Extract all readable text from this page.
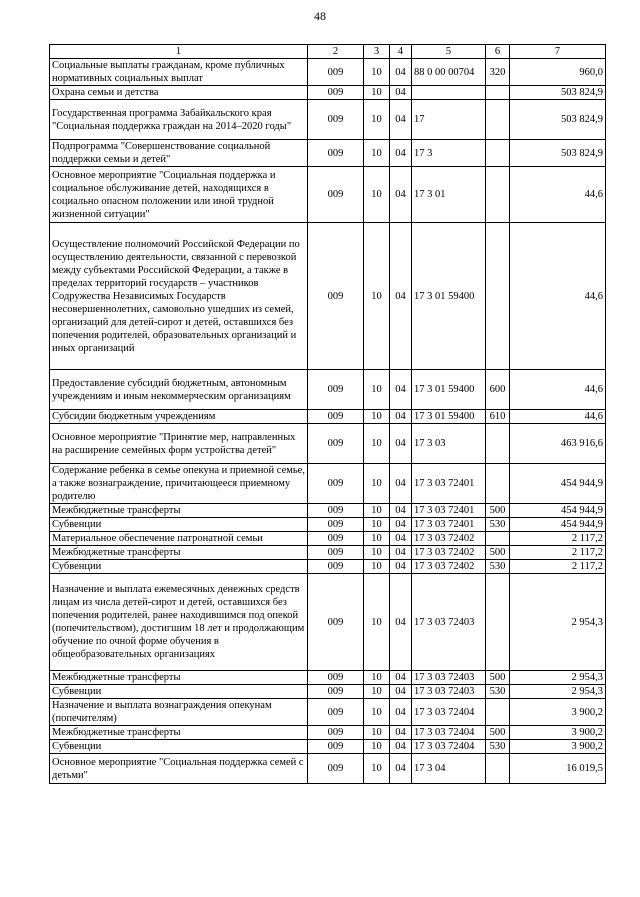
48
1	2	3	4	5	6	7
Социальные выплаты гражданам, кроме публичных нормативных социальных выплат	009	10	04	88 0 00 00704	320	960,0
Охрана семьи и детства	009	10	04			503 824,9
Государственная программа Забайкальского края "Социальная поддержка граждан на 2014–2020 годы"	009	10	04	17		503 824,9
Подпрограмма "Совершенствование социальной поддержки семьи и детей"	009	10	04	17 3		503 824,9
Основное мероприятие "Социальная поддержка и социальное обслуживание детей, находящихся в социально опасном положении или иной трудной жизненной ситуации"	009	10	04	17 3 01		44,6
Осуществление полномочий Российской Федерации по осуществлению деятельности, связанной с перевозкой между субъектами Российской Федерации, а также в пределах территорий государств – участников Содружества Независимых Государств несовершеннолетних, самовольно ушедших из семей, организаций для детей-сирот и детей, оставшихся без попечения родителей, образовательных организаций и иных организаций	009	10	04	17 3 01 59400		44,6
Предоставление субсидий бюджетным, автономным учреждениям и иным некоммерческим организациям	009	10	04	17 3 01 59400	600	44,6
Субсидии бюджетным учреждениям	009	10	04	17 3 01 59400	610	44,6
Основное мероприятие "Принятие мер, направленных на расширение семейных форм устройства детей"	009	10	04	17 3 03		463 916,6
Содержание ребенка в семье опекуна и приемной семье, а также вознаграждение, причитающееся приемному родителю	009	10	04	17 3 03 72401		454 944,9
Межбюджетные трансферты	009	10	04	17 3 03 72401	500	454 944,9
Субвенции	009	10	04	17 3 03 72401	530	454 944,9
Материальное обеспечение патронатной семьи	009	10	04	17 3 03 72402		2 117,2
Межбюджетные трансферты	009	10	04	17 3 03 72402	500	2 117,2
Субвенции	009	10	04	17 3 03 72402	530	2 117,2
Назначение и выплата ежемесячных денежных средств лицам из числа детей-сирот и детей, оставшихся без попечения родителей, ранее находившимся под опекой (попечительством), достигшим 18 лет и продолжающим обучение по очной форме обучения в общеобразовательных организациях	009	10	04	17 3 03 72403		2 954,3
Межбюджетные трансферты	009	10	04	17 3 03 72403	500	2 954,3
Субвенции	009	10	04	17 3 03 72403	530	2 954,3
Назначение и выплата вознаграждения опекунам (попечителям)	009	10	04	17 3 03 72404		3 900,2
Межбюджетные трансферты	009	10	04	17 3 03 72404	500	3 900,2
Субвенции	009	10	04	17 3 03 72404	530	3 900,2
Основное мероприятие "Социальная поддержка семей с детьми"	009	10	04	17 3 04		16 019,5
